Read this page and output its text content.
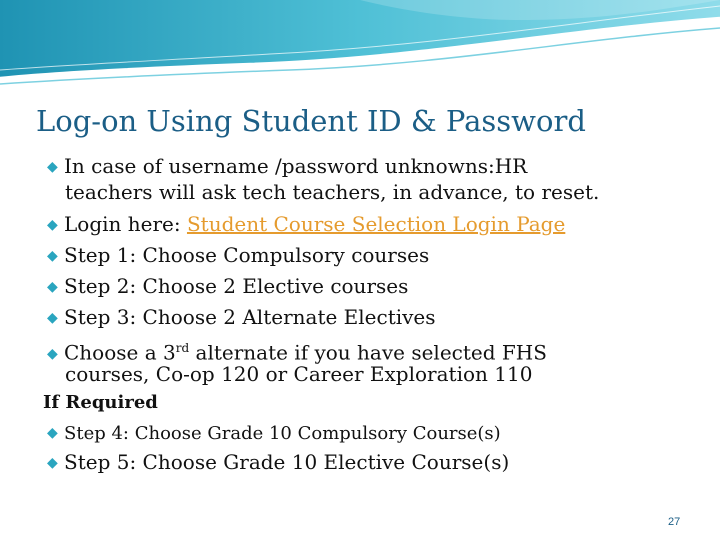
Log-on Using Student ID & Password
◆ In case of username /password unknowns:HR
teachers will ask tech teachers, in advance, to reset.
◆ Login here: Student Course Selection Login Page
◆ Step 1: Choose Compulsory courses
◆ Step 2: Choose 2 Elective courses
◆ Step 3: Choose 2 Alternate Electives
◆ Choose a 3rd alternate if you have selected FHS
courses, Co-op 120 or Career Exploration 110
If Required
◆ Step 4: Choose Grade 10 Compulsory Course(s)
◆ Step 5: Choose Grade 10 Elective Course(s)
27
